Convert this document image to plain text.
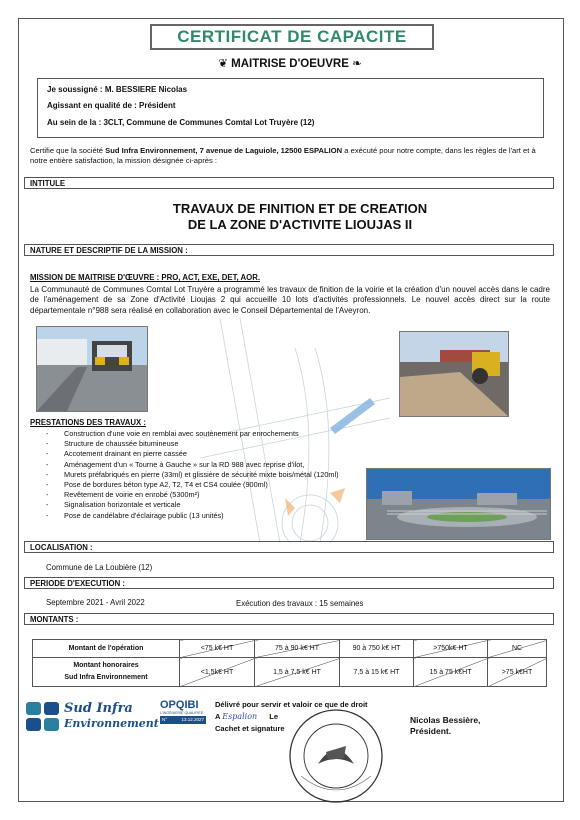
CERTIFICAT DE CAPACITE
❦ MAITRISE D'OEUVRE ❧
Je soussigné : M. BESSIERE Nicolas
Agissant en qualité de : Président
Au sein de la : 3CLT, Commune de Communes Comtal Lot Truyère (12)
Certifie que la société Sud Infra Environnement, 7 avenue de Laguiole, 12500 ESPALION a exécuté pour notre compte, dans les règles de l'art et à notre entière satisfaction, la mission désignée ci-après :
INTITULE
TRAVAUX DE FINITION ET DE CREATION
DE LA ZONE D'ACTIVITE LIOUJAS II
NATURE ET DESCRIPTIF DE LA MISSION :
MISSION DE MAITRISE D'ŒUVRE : PRO, ACT, EXE, DET, AOR.
La Communauté de Communes Comtal Lot Truyère a programmé les travaux de finition de la voirie et la création d'un nouvel accès dans le cadre de l'aménagement de sa Zone d'Activité Lioujas 2 qui accueille 10 lots d'activités professionnels. Le nouvel accès direct sur la route départementale n°988 sera réalisé en collaboration avec le Conseil Départemental de l'Aveyron.
PRESTATIONS DES TRAVAUX :
- Construction d'une voie en remblai avec soutènement par enrochements
- Structure de chaussée bitumineuse
- Accotement drainant en pierre cassée
- Aménagement d'un « Tourne à Gauche » sur la RD 988 avec reprise d'ilot,
- Murets préfabriqués en pierre (33ml) et glissière de sécurité mixte bois/métal (120ml)
- Pose de bordures béton type A2, T2, T4 et CS4 coulée (900ml)
- Revêtement de voirie en enrobé (5300m²)
- Signalisation horizontale et verticale
- Pose de candélabre d'éclairage public (13 unités)
LOCALISATION :
Commune de La Loubière (12)
PERIODE D'EXECUTION :
Septembre 2021 - Avril 2022	Exécution des travaux : 15 semaines
MONTANTS :
Montant de l'opération	<75 k€ HT	75 à 90 k€ HT	90 à 750 k€ HT	>750k€ HT	NC

Montant honoraires
Sud Infra Environnement	<1,5k€ HT	1,5 à 7,5 k€ HT	7,5 à 15 k€ HT	15 à 75 k€HT	>75 k€HT
Sud Infra
Environnement
OPQIBI
L'INGÉNIERIE QUALIFIÉE
N°	13.12.2027
Délivré pour servir et valoir ce que de droit
A Espalion Le
Cachet et signature
Nicolas Bessière,
Président.
